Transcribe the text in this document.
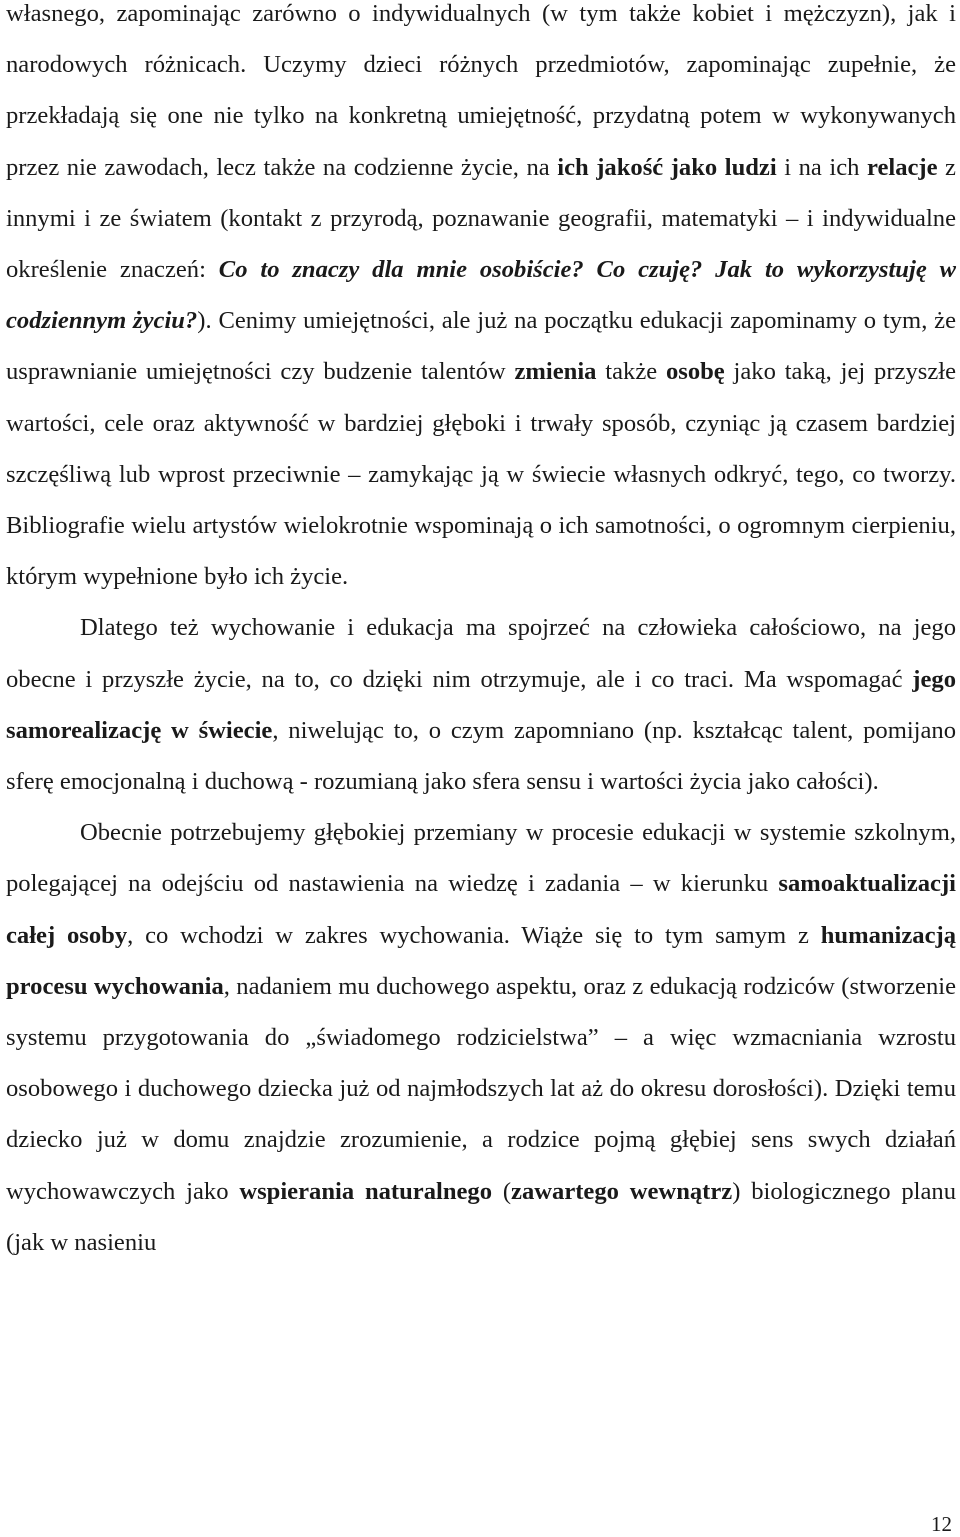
własnego, zapominając zarówno o indywidualnych (w tym także kobiet i mężczyzn), jak i narodowych różnicach. Uczymy dzieci różnych przedmiotów, zapominając zupełnie, że przekładają się one nie tylko na konkretną umiejętność, przydatną potem w wykonywanych przez nie zawodach, lecz także na codzienne życie, na ich jakość jako ludzi i na ich relacje z innymi i ze światem (kontakt z przyrodą, poznawanie geografii, matematyki – i indywidualne określenie znaczeń: Co to znaczy dla mnie osobiście? Co czuję? Jak to wykorzystuję w codziennym życiu?). Cenimy umiejętności, ale już na początku edukacji zapominamy o tym, że usprawnianie umiejętności czy budzenie talentów zmienia także osobę jako taką, jej przyszłe wartości, cele oraz aktywność w bardziej głęboki i trwały sposób, czyniąc ją czasem bardziej szczęśliwą lub wprost przeciwnie – zamykając ją w świecie własnych odkryć, tego, co tworzy. Bibliografie wielu artystów wielokrotnie wspominają o ich samotności, o ogromnym cierpieniu, którym wypełnione było ich życie.

Dlatego też wychowanie i edukacja ma spojrzeć na człowieka całościowo, na jego obecne i przyszłe życie, na to, co dzięki nim otrzymuje, ale i co traci. Ma wspomagać jego samorealizację w świecie, niwelując to, o czym zapomniano (np. kształcąc talent, pomijano sferę emocjonalną i duchową - rozumianą jako sfera sensu i wartości życia jako całości).

Obecnie potrzebujemy głębokiej przemiany w procesie edukacji w systemie szkolnym, polegającej na odejściu od nastawienia na wiedzę i zadania – w kierunku samoaktualizacji całej osoby, co wchodzi w zakres wychowania. Wiąże się to tym samym z humanizacją procesu wychowania, nadaniem mu duchowego aspektu, oraz z edukacją rodziców (stworzenie systemu przygotowania do „świadomego rodzicielstwa” – a więc wzmacniania wzrostu osobowego i duchowego dziecka już od najmłodszych lat aż do okresu dorosłości). Dzięki temu dziecko już w domu znajdzie zrozumienie, a rodzice pojmą głębiej sens swych działań wychowawczych jako wspierania naturalnego (zawartego wewnątrz) biologicznego planu (jak w nasieniu

12
